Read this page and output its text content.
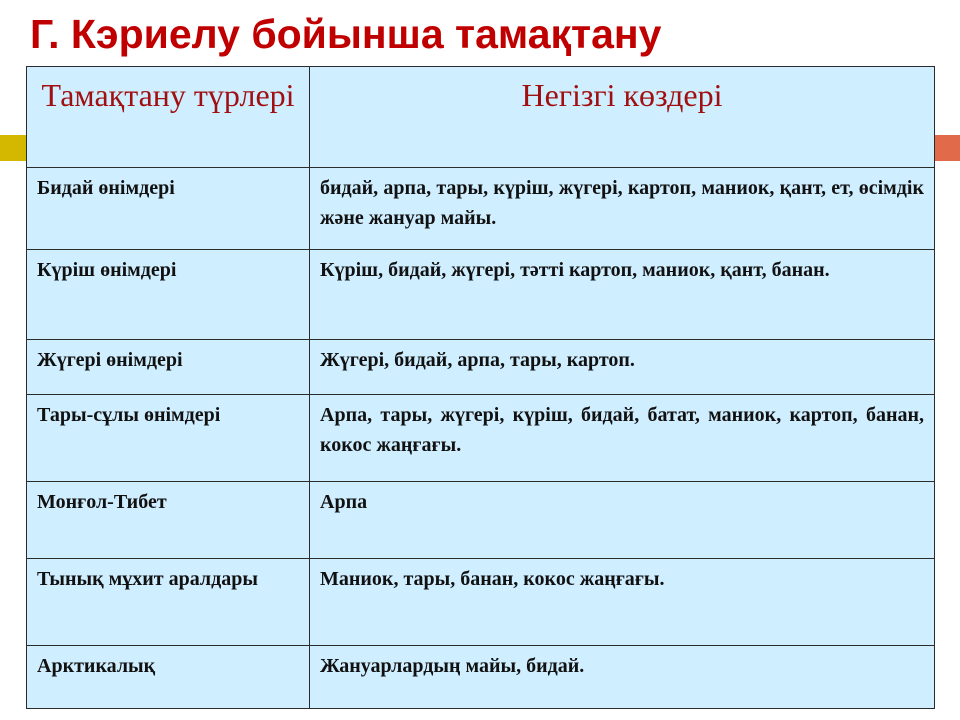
Г. Кэриелу бойынша тамақтану
Тамақтану түрлері	Негізгі көздері
Бидай өнімдері	бидай, арпа, тары, күріш, жүгері, картоп, маниок, қант, ет, өсімдік және жануар майы.
Күріш өнімдері	Күріш, бидай, жүгері, тәтті картоп, маниок, қант, банан.
Жүгері өнімдері	Жүгері, бидай, арпа, тары, картоп.
Тары-сұлы өнімдері	Арпа, тары, жүгері, күріш, бидай, батат, маниок, картоп, банан, кокос жаңғағы.
Монғол-Тибет	Арпа
Тынық мұхит аралдары	Маниок, тары, банан, кокос жаңғағы.
Арктикалық	Жануарлардың майы, бидай.
